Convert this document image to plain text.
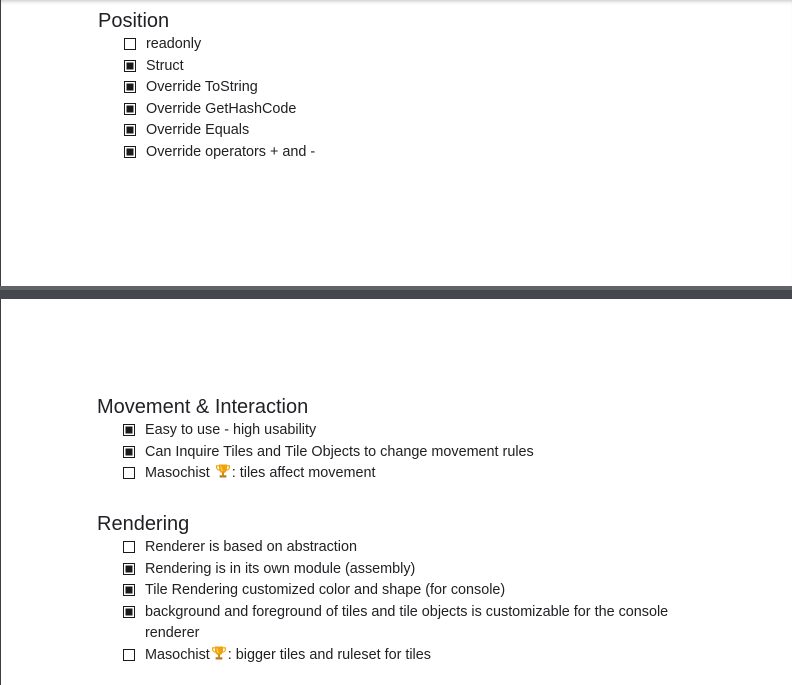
Position
readonly
Struct
Override ToString
Override GetHashCode
Override Equals
Override operators + and -
Movement & Interaction
Easy to use - high usability
Can Inquire Tiles and Tile Objects to change movement rules
Masochist : tiles affect movement
Rendering
Renderer is based on abstraction
Rendering is in its own module (assembly)
Tile Rendering customized color and shape (for console)
background and foreground of tiles and tile objects is customizable for the console renderer
Masochist : bigger tiles and ruleset for tiles
